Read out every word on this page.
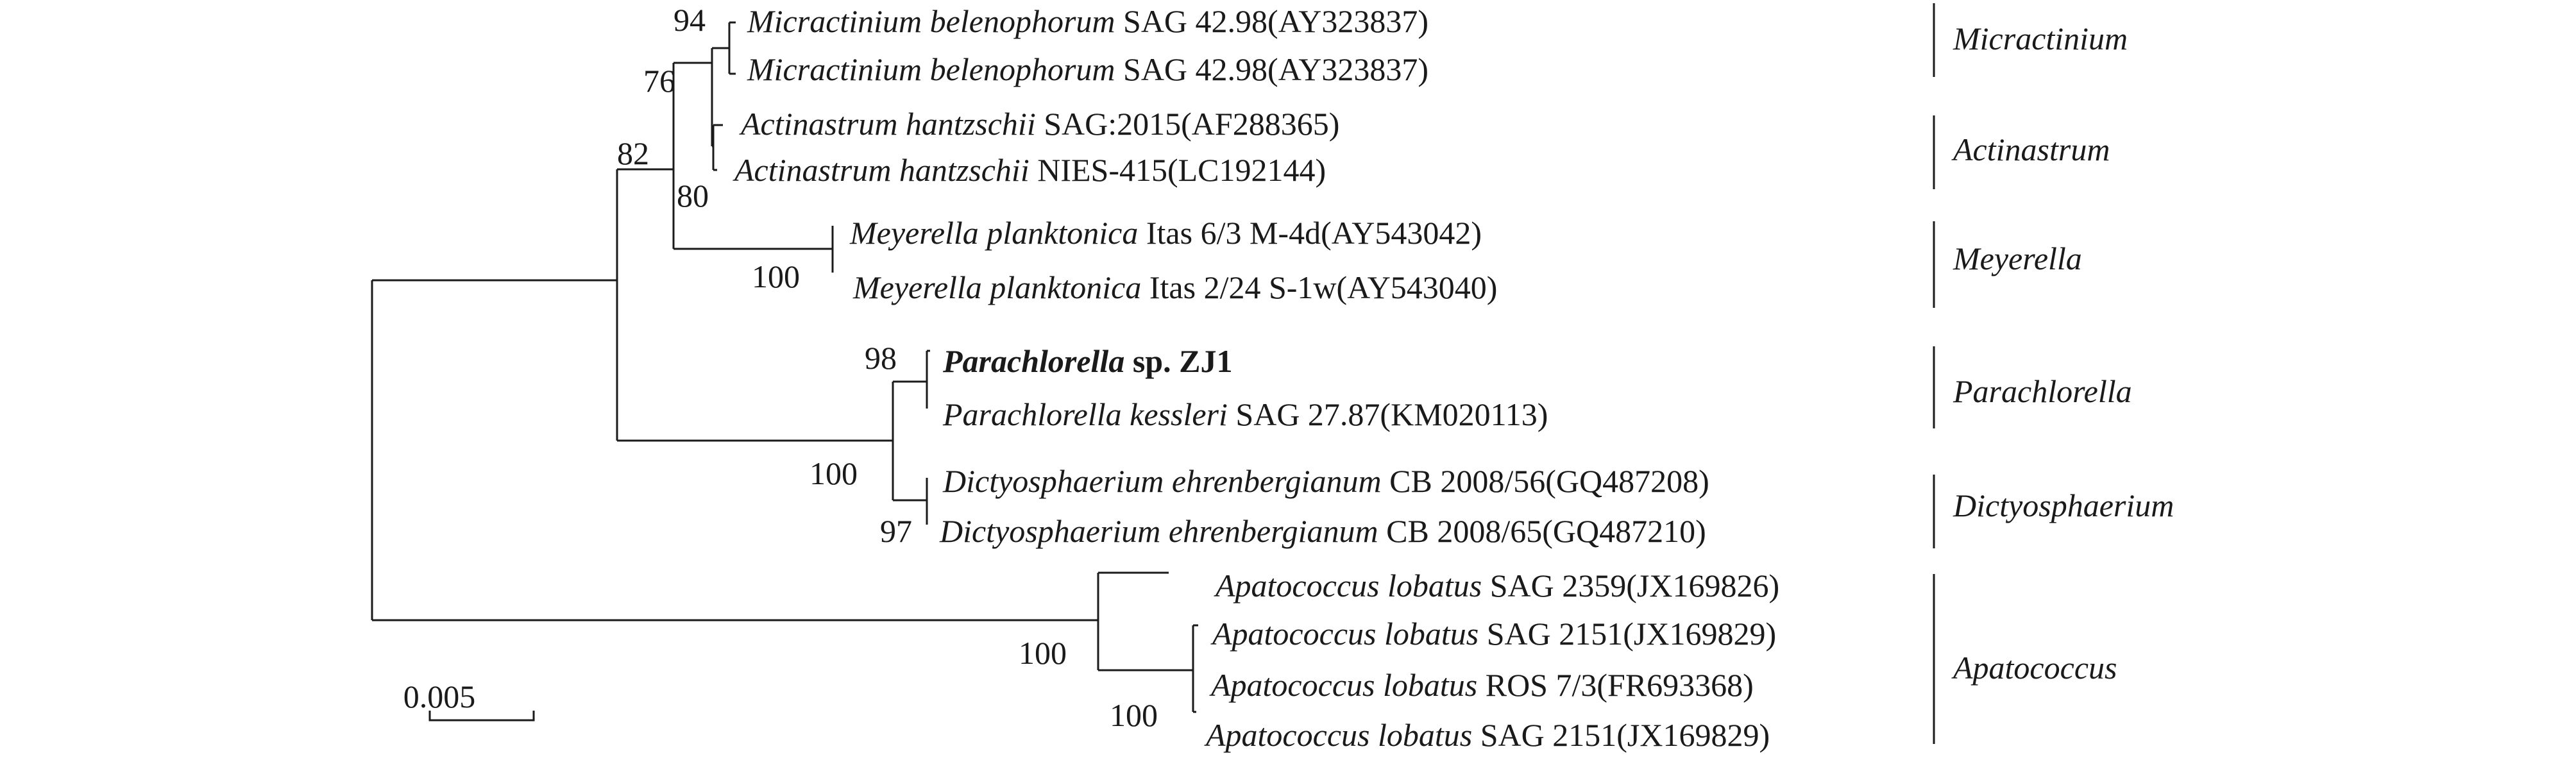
Micractinium belenophorum SAG 42.98(AY323837)
Micractinium belenophorum SAG 42.98(AY323837)
Actinastrum hantzschii SAG:2015(AF288365)
Actinastrum hantzschii NIES-415(LC192144)
Meyerella planktonica Itas 6/3 M-4d(AY543042)
Meyerella planktonica Itas 2/24 S-1w(AY543040)
Parachlorella sp. ZJ1
Parachlorella kessleri SAG 27.87(KM020113)
Dictyosphaerium ehrenbergianum CB 2008/56(GQ487208)
Dictyosphaerium ehrenbergianum CB 2008/65(GQ487210)
Apatococcus lobatus SAG 2359(JX169826)
Apatococcus lobatus SAG 2151(JX169829)
Apatococcus lobatus ROS 7/3(FR693368)
Apatococcus lobatus SAG 2151(JX169829)
94
76
80
82
100
98
100
97
100
100
Micractinium
Actinastrum
Meyerella
Parachlorella
Dictyosphaerium
Apatococcus
0.005
